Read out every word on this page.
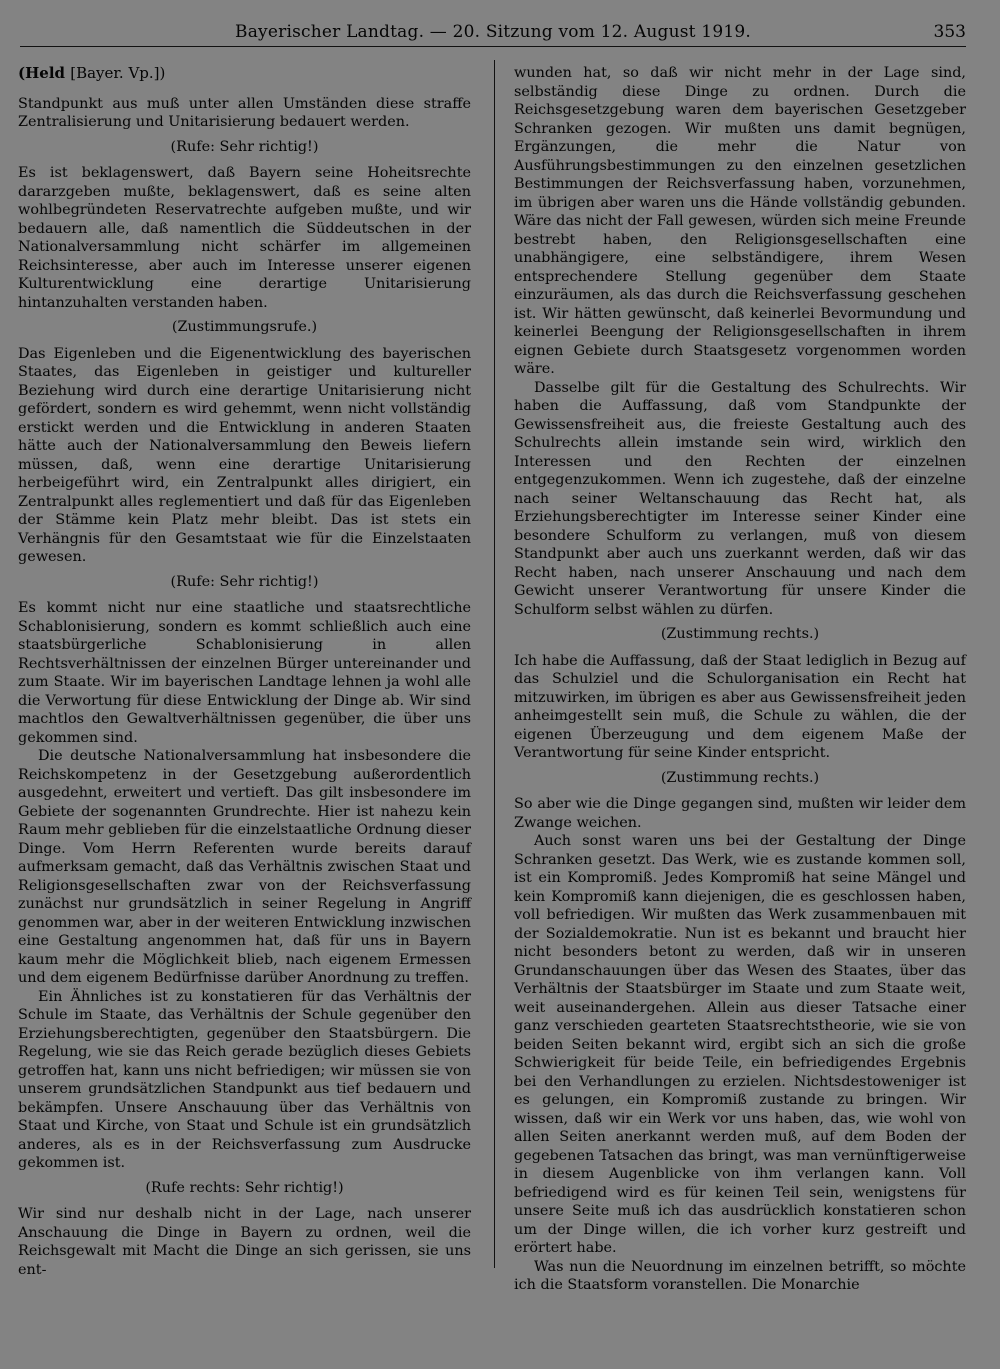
Bayerischer Landtag. — 20. Sitzung vom 12. August 1919.	353
(Held [Bayer. Vp.])

Standpunkt aus muß unter allen Umständen diese straffe Zentralisierung und Unitarisierung bedauert werden.

(Rufe: Sehr richtig!)

Es ist beklagenswert, daß Bayern seine Hoheitsrechte dararzgeben mußte, beklagenswert, daß es seine alten wohlbegründeten Reservatrechte aufgeben mußte, und wir bedauern alle, daß namentlich die Süddeutschen in der Nationalversammlung nicht schärfer im allgemeinen Reichsinteresse, aber auch im Interesse unserer eigenen Kulturentwicklung eine derartige Unitarisierung hintanzuhalten verstanden haben.

(Zustimmungsrufe.)

Das Eigenleben und die Eigenentwicklung des bayerischen Staates, das Eigenleben in geistiger und kultureller Beziehung wird durch eine derartige Unitarisierung nicht gefördert, sondern es wird gehemmt, wenn nicht vollständig erstickt werden und die Entwicklung in anderen Staaten hätte auch der Nationalversammlung den Beweis liefern müssen, daß, wenn eine derartige Unitarisierung herbeigeführt wird, ein Zentralpunkt alles dirigiert, ein Zentralpunkt alles reglementiert und daß für das Eigenleben der Stämme kein Platz mehr bleibt. Das ist stets ein Verhängnis für den Gesamtstaat wie für die Einzelstaaten gewesen.

(Rufe: Sehr richtig!)

Es kommt nicht nur eine staatliche und staatsrechtliche Schablonisierung, sondern es kommt schließlich auch eine staatsbürgerliche Schablonisierung in allen Rechtsverhältnissen der einzelnen Bürger untereinander und zum Staate. Wir im bayerischen Landtage lehnen ja wohl alle die Verwortung für diese Entwicklung der Dinge ab. Wir sind machtlos den Gewaltverhältnissen gegenüber, die über uns gekommen sind.

Die deutsche Nationalversammlung hat insbesondere die Reichskompetenz in der Gesetzgebung außerordentlich ausgedehnt, erweitert und vertieft. Das gilt insbesondere im Gebiete der sogenannten Grundrechte. Hier ist nahezu kein Raum mehr geblieben für die einzelstaatliche Ordnung dieser Dinge. Vom Herrn Referenten wurde bereits darauf aufmerksam gemacht, daß das Verhältnis zwischen Staat und Religionsgesellschaften zwar von der Reichsverfassung zunächst nur grundsätzlich in seiner Regelung in Angriff genommen war, aber in der weiteren Entwicklung inzwischen eine Gestaltung angenommen hat, daß für uns in Bayern kaum mehr die Möglichkeit blieb, nach eigenem Ermessen und dem eigenem Bedürfnisse darüber Anordnung zu treffen.

Ein Ähnliches ist zu konstatieren für das Verhältnis der Schule im Staate, das Verhältnis der Schule gegenüber den Erziehungsberechtigten, gegenüber den Staatsbürgern. Die Regelung, wie sie das Reich gerade bezüglich dieses Gebiets getroffen hat, kann uns nicht befriedigen; wir müssen sie von unserem grundsätzlichen Standpunkt aus tief bedauern und bekämpfen. Unsere Anschauung über das Verhältnis von Staat und Kirche, von Staat und Schule ist ein grundsätzlich anderes, als es in der Reichsverfassung zum Ausdrucke gekommen ist.

(Rufe rechts: Sehr richtig!)

Wir sind nur deshalb nicht in der Lage, nach unserer Anschauung die Dinge in Bayern zu ordnen, weil die Reichsgewalt mit Macht die Dinge an sich gerissen, sie uns ent-

wunden hat, so daß wir nicht mehr in der Lage sind, selbständig diese Dinge zu ordnen. Durch die Reichsgesetzgebung waren dem bayerischen Gesetzgeber Schranken gezogen. Wir mußten uns damit begnügen, Ergänzungen, die mehr die Natur von Ausführungsbestimmungen zu den einzelnen gesetzlichen Bestimmungen der Reichsverfassung haben, vorzunehmen, im übrigen aber waren uns die Hände vollständig gebunden. Wäre das nicht der Fall gewesen, würden sich meine Freunde bestrebt haben, den Religionsgesellschaften eine unabhängigere, eine selbständigere, ihrem Wesen entsprechendere Stellung gegenüber dem Staate einzuräumen, als das durch die Reichsverfassung geschehen ist. Wir hätten gewünscht, daß keinerlei Bevormundung und keinerlei Beengung der Religionsgesellschaften in ihrem eignen Gebiete durch Staatsgesetz vorgenommen worden wäre.

Dasselbe gilt für die Gestaltung des Schulrechts. Wir haben die Auffassung, daß vom Standpunkte der Gewissensfreiheit aus, die freieste Gestaltung auch des Schulrechts allein imstande sein wird, wirklich den Interessen und den Rechten der einzelnen entgegenzukommen. Wenn ich zugestehe, daß der einzelne nach seiner Weltanschauung das Recht hat, als Erziehungsberechtigter im Interesse seiner Kinder eine besondere Schulform zu verlangen, muß von diesem Standpunkt aber auch uns zuerkannt werden, daß wir das Recht haben, nach unserer Anschauung und nach dem Gewicht unserer Verantwortung für unsere Kinder die Schulform selbst wählen zu dürfen.

(Zustimmung rechts.)

Ich habe die Auffassung, daß der Staat lediglich in Bezug auf das Schulziel und die Schulorganisation ein Recht hat mitzuwirken, im übrigen es aber aus Gewissensfreiheit jeden anheimgestellt sein muß, die Schule zu wählen, die der eigenen Überzeugung und dem eigenem Maße der Verantwortung für seine Kinder entspricht.

(Zustimmung rechts.)

So aber wie die Dinge gegangen sind, mußten wir leider dem Zwange weichen.

Auch sonst waren uns bei der Gestaltung der Dinge Schranken gesetzt. Das Werk, wie es zustande kommen soll, ist ein Kompromiß. Jedes Kompromiß hat seine Mängel und kein Kompromiß kann diejenigen, die es geschlossen haben, voll befriedigen. Wir mußten das Werk zusammenbauen mit der Sozialdemokratie. Nun ist es bekannt und braucht hier nicht besonders betont zu werden, daß wir in unseren Grundanschauungen über das Wesen des Staates, über das Verhältnis der Staatsbürger im Staate und zum Staate weit, weit auseinandergehen. Allein aus dieser Tatsache einer ganz verschieden gearteten Staatsrechtstheorie, wie sie von beiden Seiten bekannt wird, ergibt sich an sich die große Schwierigkeit für beide Teile, ein befriedigendes Ergebnis bei den Verhandlungen zu erzielen. Nichtsdestoweniger ist es gelungen, ein Kompromiß zustande zu bringen. Wir wissen, daß wir ein Werk vor uns haben, das, wie wohl von allen Seiten anerkannt werden muß, auf dem Boden der gegebenen Tatsachen das bringt, was man vernünftigerweise in diesem Augenblicke von ihm verlangen kann. Voll befriedigend wird es für keinen Teil sein, wenigstens für unsere Seite muß ich das ausdrücklich konstatieren schon um der Dinge willen, die ich vorher kurz gestreift und erörtert habe.

Was nun die Neuordnung im einzelnen betrifft, so möchte ich die Staatsform voranstellen. Die Monarchie
